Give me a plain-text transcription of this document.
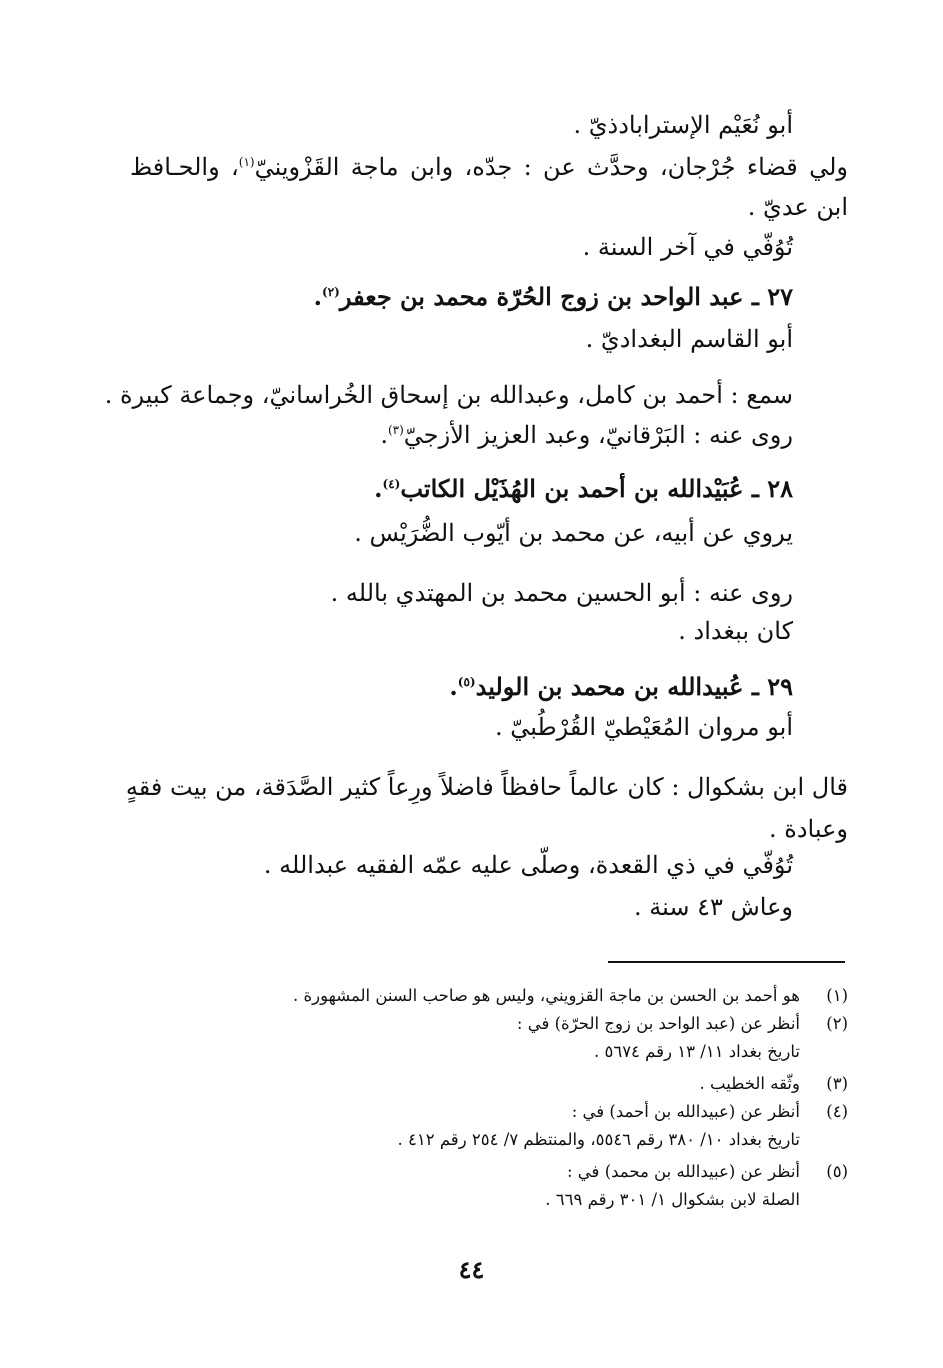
أبو نُعَيْم الإسترابادذيّ .
ولي قضاء جُرْجان، وحدَّث عن : جدّه، وابن ماجة القَزْوينيّ$^{(١)}$، والحـافظ
ابن عديّ .
تُوُفّي في آخر السنة .
٢٧ ـ عبد الواحد بن زوج الحُرّة محمد بن جعفر$^{(٢)}$.
أبو القاسم البغداديّ .
سمع : أحمد بن كامل، وعبدالله بن إسحاق الخُراسانيّ، وجماعة كبيرة .
روى عنه : البَرْقانيّ، وعبد العزيز الأزجيّ$^{(٣)}$.
٢٨ ـ عُبَيْدالله بن أحمد بن الهُذَيْل الكاتب$^{(٤)}$.
يروي عن أبيه، عن محمد بن أيّوب الضُّرَيْس .
روى عنه : أبو الحسين محمد بن المهتدي بالله .
كان ببغداد .
٢٩ ـ عُبيدالله بن محمد بن الوليد$^{(٥)}$.
أبو مروان المُعَيْطيّ القُرْطُبيّ .
قال ابن بشكوال : كان عالماً حافظاً فاضلاً ورِعاً كثير الصَّدَقة، من بيت فقهٍ
وعبادة .
تُوُفّي في ذي القعدة، وصلّى عليه عمّه الفقيه عبدالله .
وعاش ٤٣ سنة .
(١)هو أحمد بن الحسن بن ماجة القزويني، وليس هو صاحب السنن المشهورة .
(٢)أنظر عن (عبد الواحد بن زوج الحرّة) في :
تاريخ بغداد ١١/ ١٣ رقم ٥٦٧٤ .
(٣)وثّقه الخطيب .
(٤)أنظر عن (عبيدالله بن أحمد) في :
تاريخ بغداد ١٠/ ٣٨٠ رقم ٥٥٤٦، والمنتظم ٧/ ٢٥٤ رقم ٤١٢ .
(٥)أنظر عن (عبيدالله بن محمد) في :
الصلة لابن بشكوال ١/ ٣٠١ رقم ٦٦٩ .
٤٤
